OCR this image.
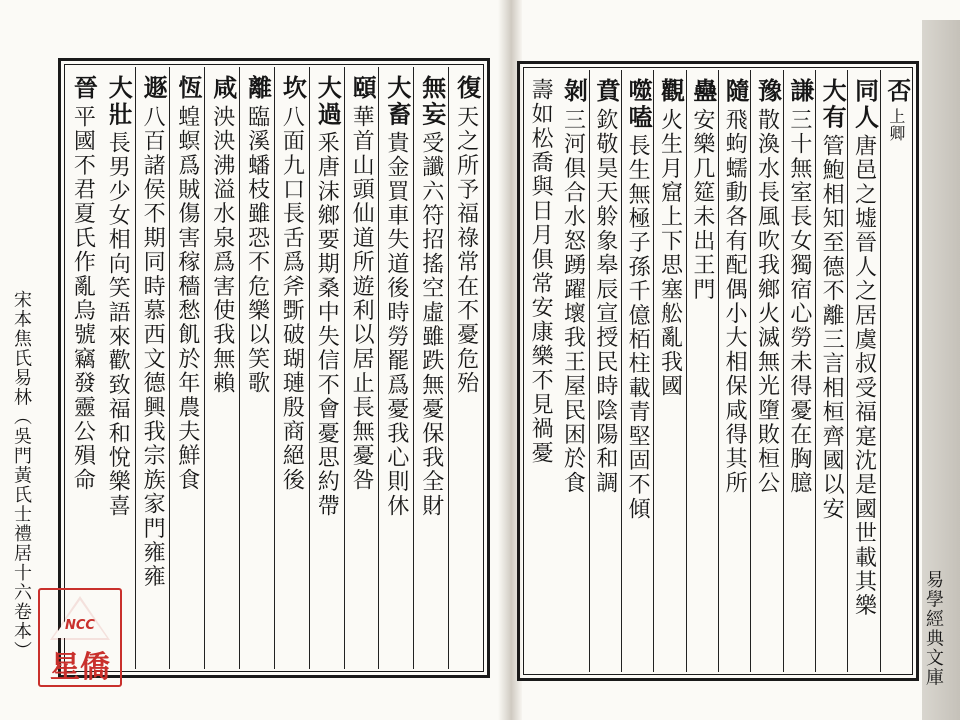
宋本焦氏易林（吳門黃氏士禮居十六卷本）	易學經典文庫
復
天之所予福祿常在不憂危殆
無妄
受讖六符招搖空虛雖跌無憂保我全財
大畜
貴金買車失道後時勞罷爲憂我心則休
頤
華首山頭仙道所遊利以居止長無憂咎
大過
釆唐沫鄉要期桑中失信不會憂思約帶
坎
八面九口長舌爲斧斲破瑚璉殷商絕後
離
臨溪蟠枝雖恐不危樂以笑歌
咸
泱泱沸溢水泉爲害使我無賴
恆
蝗螟爲賊傷害稼穡愁飢於年農夫鮮食
遯
八百諸侯不期同時慕西文德興我宗族家門雍雍
大壯
長男少女相向笑語來歡致福和悅樂喜
晉
平國不君夏氏作亂烏號竊發靈公殞命
否
上卿
同人
唐邑之墟晉人之居虞叔受福寔沈是國世載其樂
大有
管鮑相知至德不離三言相桓齊國以安
謙
三十無室長女獨宿心勞未得憂在胸臆
豫
散渙水長風吹我鄉火滅無光墮敗桓公
隨
飛蚼蠕動各有配偶小大相保咸得其所
蠱
安樂几筵未出王門
觀
火生月窟上下思塞舩亂我國
噬嗑
長生無極子孫千億栢柱載青堅固不傾
賁
欽敬昊天䠲象皋辰宣授民時陰陽和調
剝
三河俱合水怒踴躍壞我王屋民困於食
壽如松喬與日月俱常安康樂不見禍憂
NCC
星僑
